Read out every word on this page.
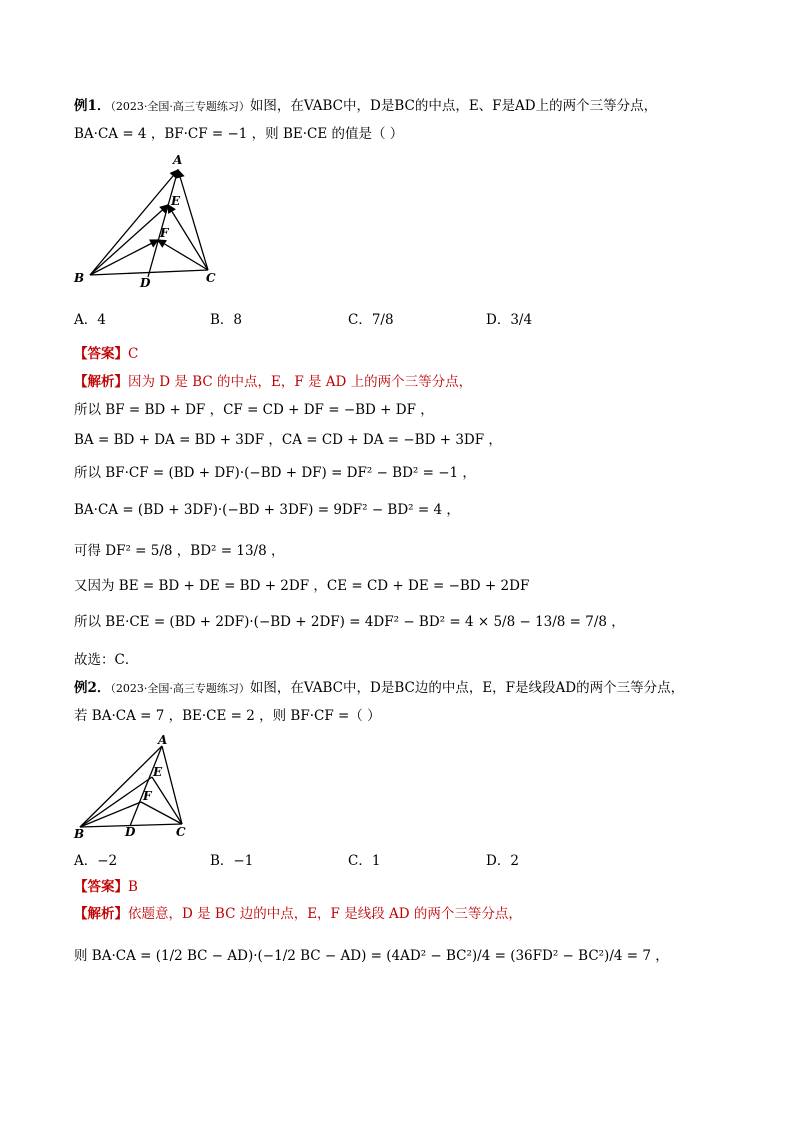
例1．（2023·全国·高三专题练习）如图，在VABC中，D是BC的中点，E、F是AD上的两个三等分点，
BA·CA = 4 ，BF·CF = −1 ，则 BE·CE 的值是（ ）
A
E
F
B	D	C
A．4	B．8	C．7/8	D．3/4
【答案】C
【解析】因为 D 是 BC 的中点，E，F 是 AD 上的两个三等分点，
所以 BF = BD + DF ，CF = CD + DF = −BD + DF ，
BA = BD + DA = BD + 3DF ，CA = CD + DA = −BD + 3DF ，
所以 BF·CF = (BD + DF)·(−BD + DF) = DF² − BD² = −1 ，
BA·CA = (BD + 3DF)·(−BD + 3DF) = 9DF² − BD² = 4 ，
可得 DF² = 5/8 ，BD² = 13/8 ，
又因为 BE = BD + DE = BD + 2DF ，CE = CD + DE = −BD + 2DF
所以 BE·CE = (BD + 2DF)·(−BD + 2DF) = 4DF² − BD² = 4 × 5/8 − 13/8 = 7/8 ，
故选：C．
例2．（2023·全国·高三专题练习）如图，在VABC中，D是BC边的中点，E，F是线段AD的两个三等分点，
若 BA·CA = 7 ，BE·CE = 2 ，则 BF·CF =（ ）
A
E
F
B	D	C
A．−2	B．−1	C．1	D．2
【答案】B
【解析】依题意，D 是 BC 边的中点，E，F 是线段 AD 的两个三等分点，
则 BA·CA = (1/2 BC − AD)·(−1/2 BC − AD) = (4AD² − BC²)/4 = (36FD² − BC²)/4 = 7 ，
